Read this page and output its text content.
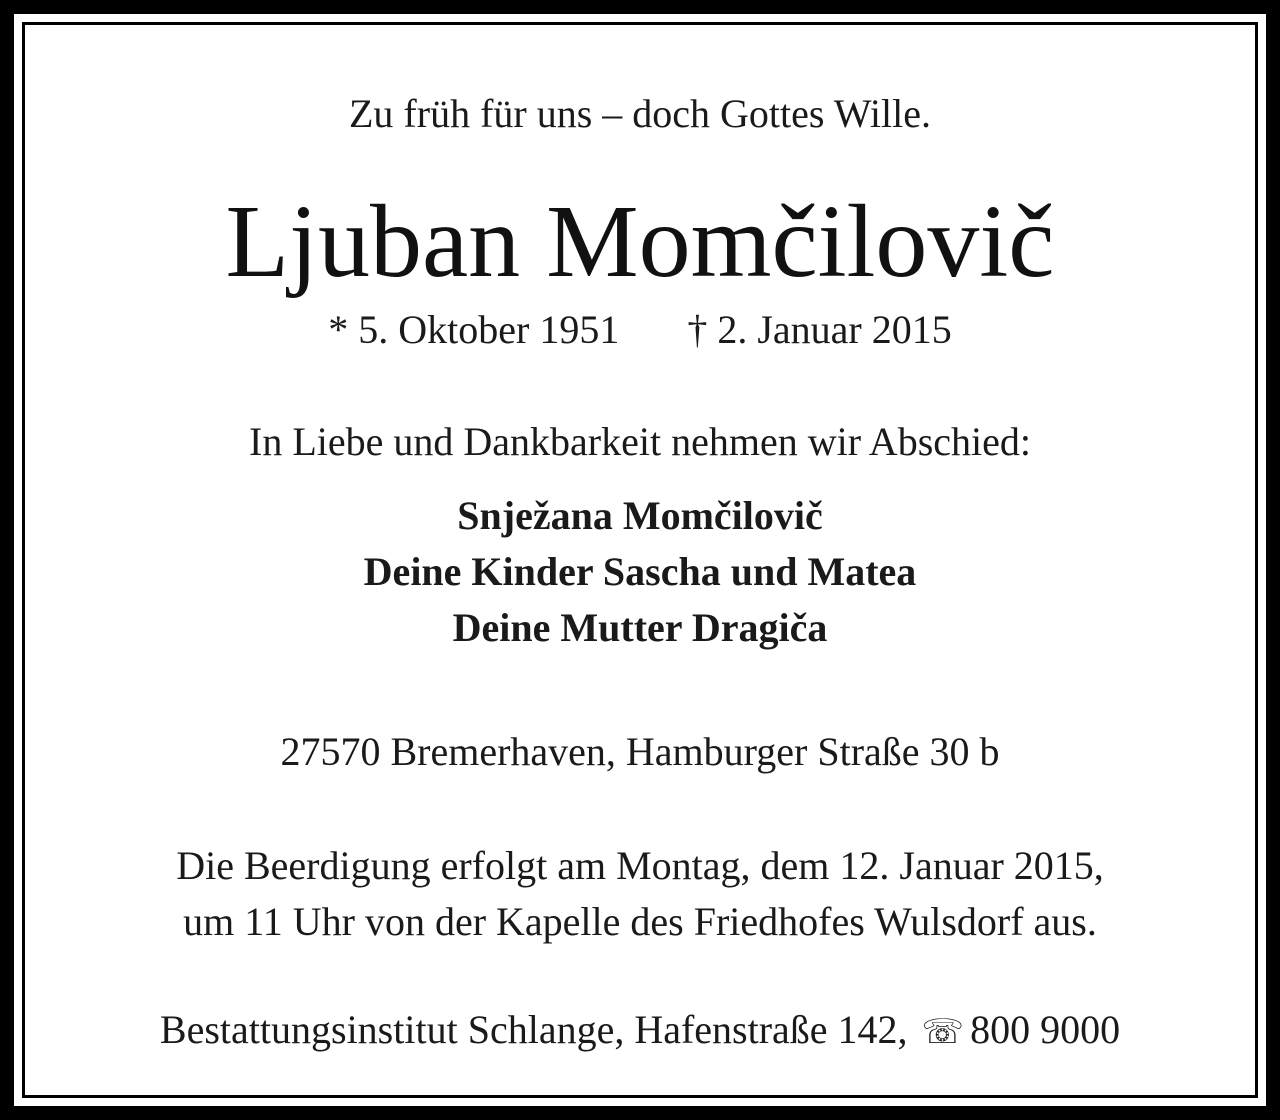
Zu früh für uns – doch Gottes Wille.
Ljuban Momčilovič
* 5. Oktober 1951 † 2. Januar 2015
In Liebe und Dankbarkeit nehmen wir Abschied:
Snježana Momčilovič
Deine Kinder Sascha und Matea
Deine Mutter Dragiča
27570 Bremerhaven, Hamburger Straße 30 b
Die Beerdigung erfolgt am Montag, dem 12. Januar 2015,
um 11 Uhr von der Kapelle des Friedhofes Wulsdorf aus.
Bestattungsinstitut Schlange, Hafenstraße 142, ☏ 800 9000
